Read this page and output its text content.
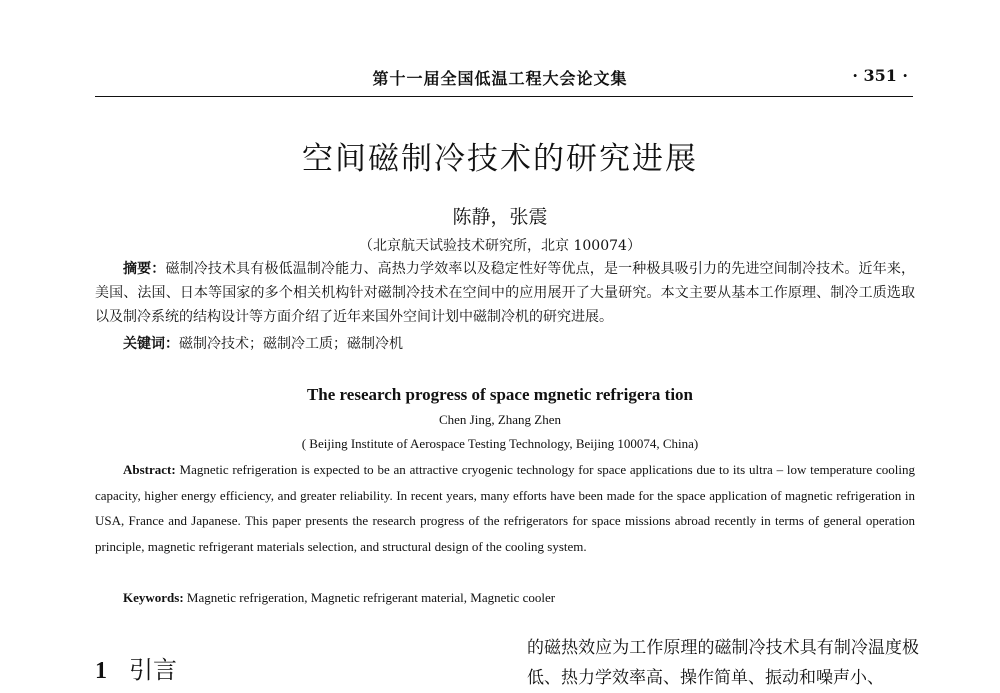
第十一届全国低温工程大会论文集	· 351 ·
空间磁制冷技术的研究进展
陈静，张震
（北京航天试验技术研究所，北京 100074）
摘要：磁制冷技术具有极低温制冷能力、高热力学效率以及稳定性好等优点，是一种极具吸引力的先进空间制冷技术。近年来，美国、法国、日本等国家的多个相关机构针对磁制冷技术在空间中的应用展开了大量研究。本文主要从基本工作原理、制冷工质选取以及制冷系统的结构设计等方面介绍了近年来国外空间计划中磁制冷机的研究进展。
关键词：磁制冷技术；磁制冷工质；磁制冷机
The research progress of space mgnetic refrigera tion
Chen Jing, Zhang Zhen
( Beijing Institute of Aerospace Testing Technology, Beijing 100074, China)
Abstract: Magnetic refrigeration is expected to be an attractive cryogenic technology for space applications due to its ultra – low temperature cooling capacity, higher energy efficiency, and greater reliability. In recent years, many efforts have been made for the space application of magnetic refrigeration in USA, France and Japanese. This paper presents the research progress of the refrigerators for space missions abroad recently in terms of general operation principle, magnetic refrigerant materials selection, and structural design of the cooling system.
Keywords: Magnetic refrigeration, Magnetic refrigerant material, Magnetic cooler
1 引言
的磁热效应为工作原理的磁制冷技术具有制冷温度极低、热力学效率高、操作简单、振动和噪声小、
